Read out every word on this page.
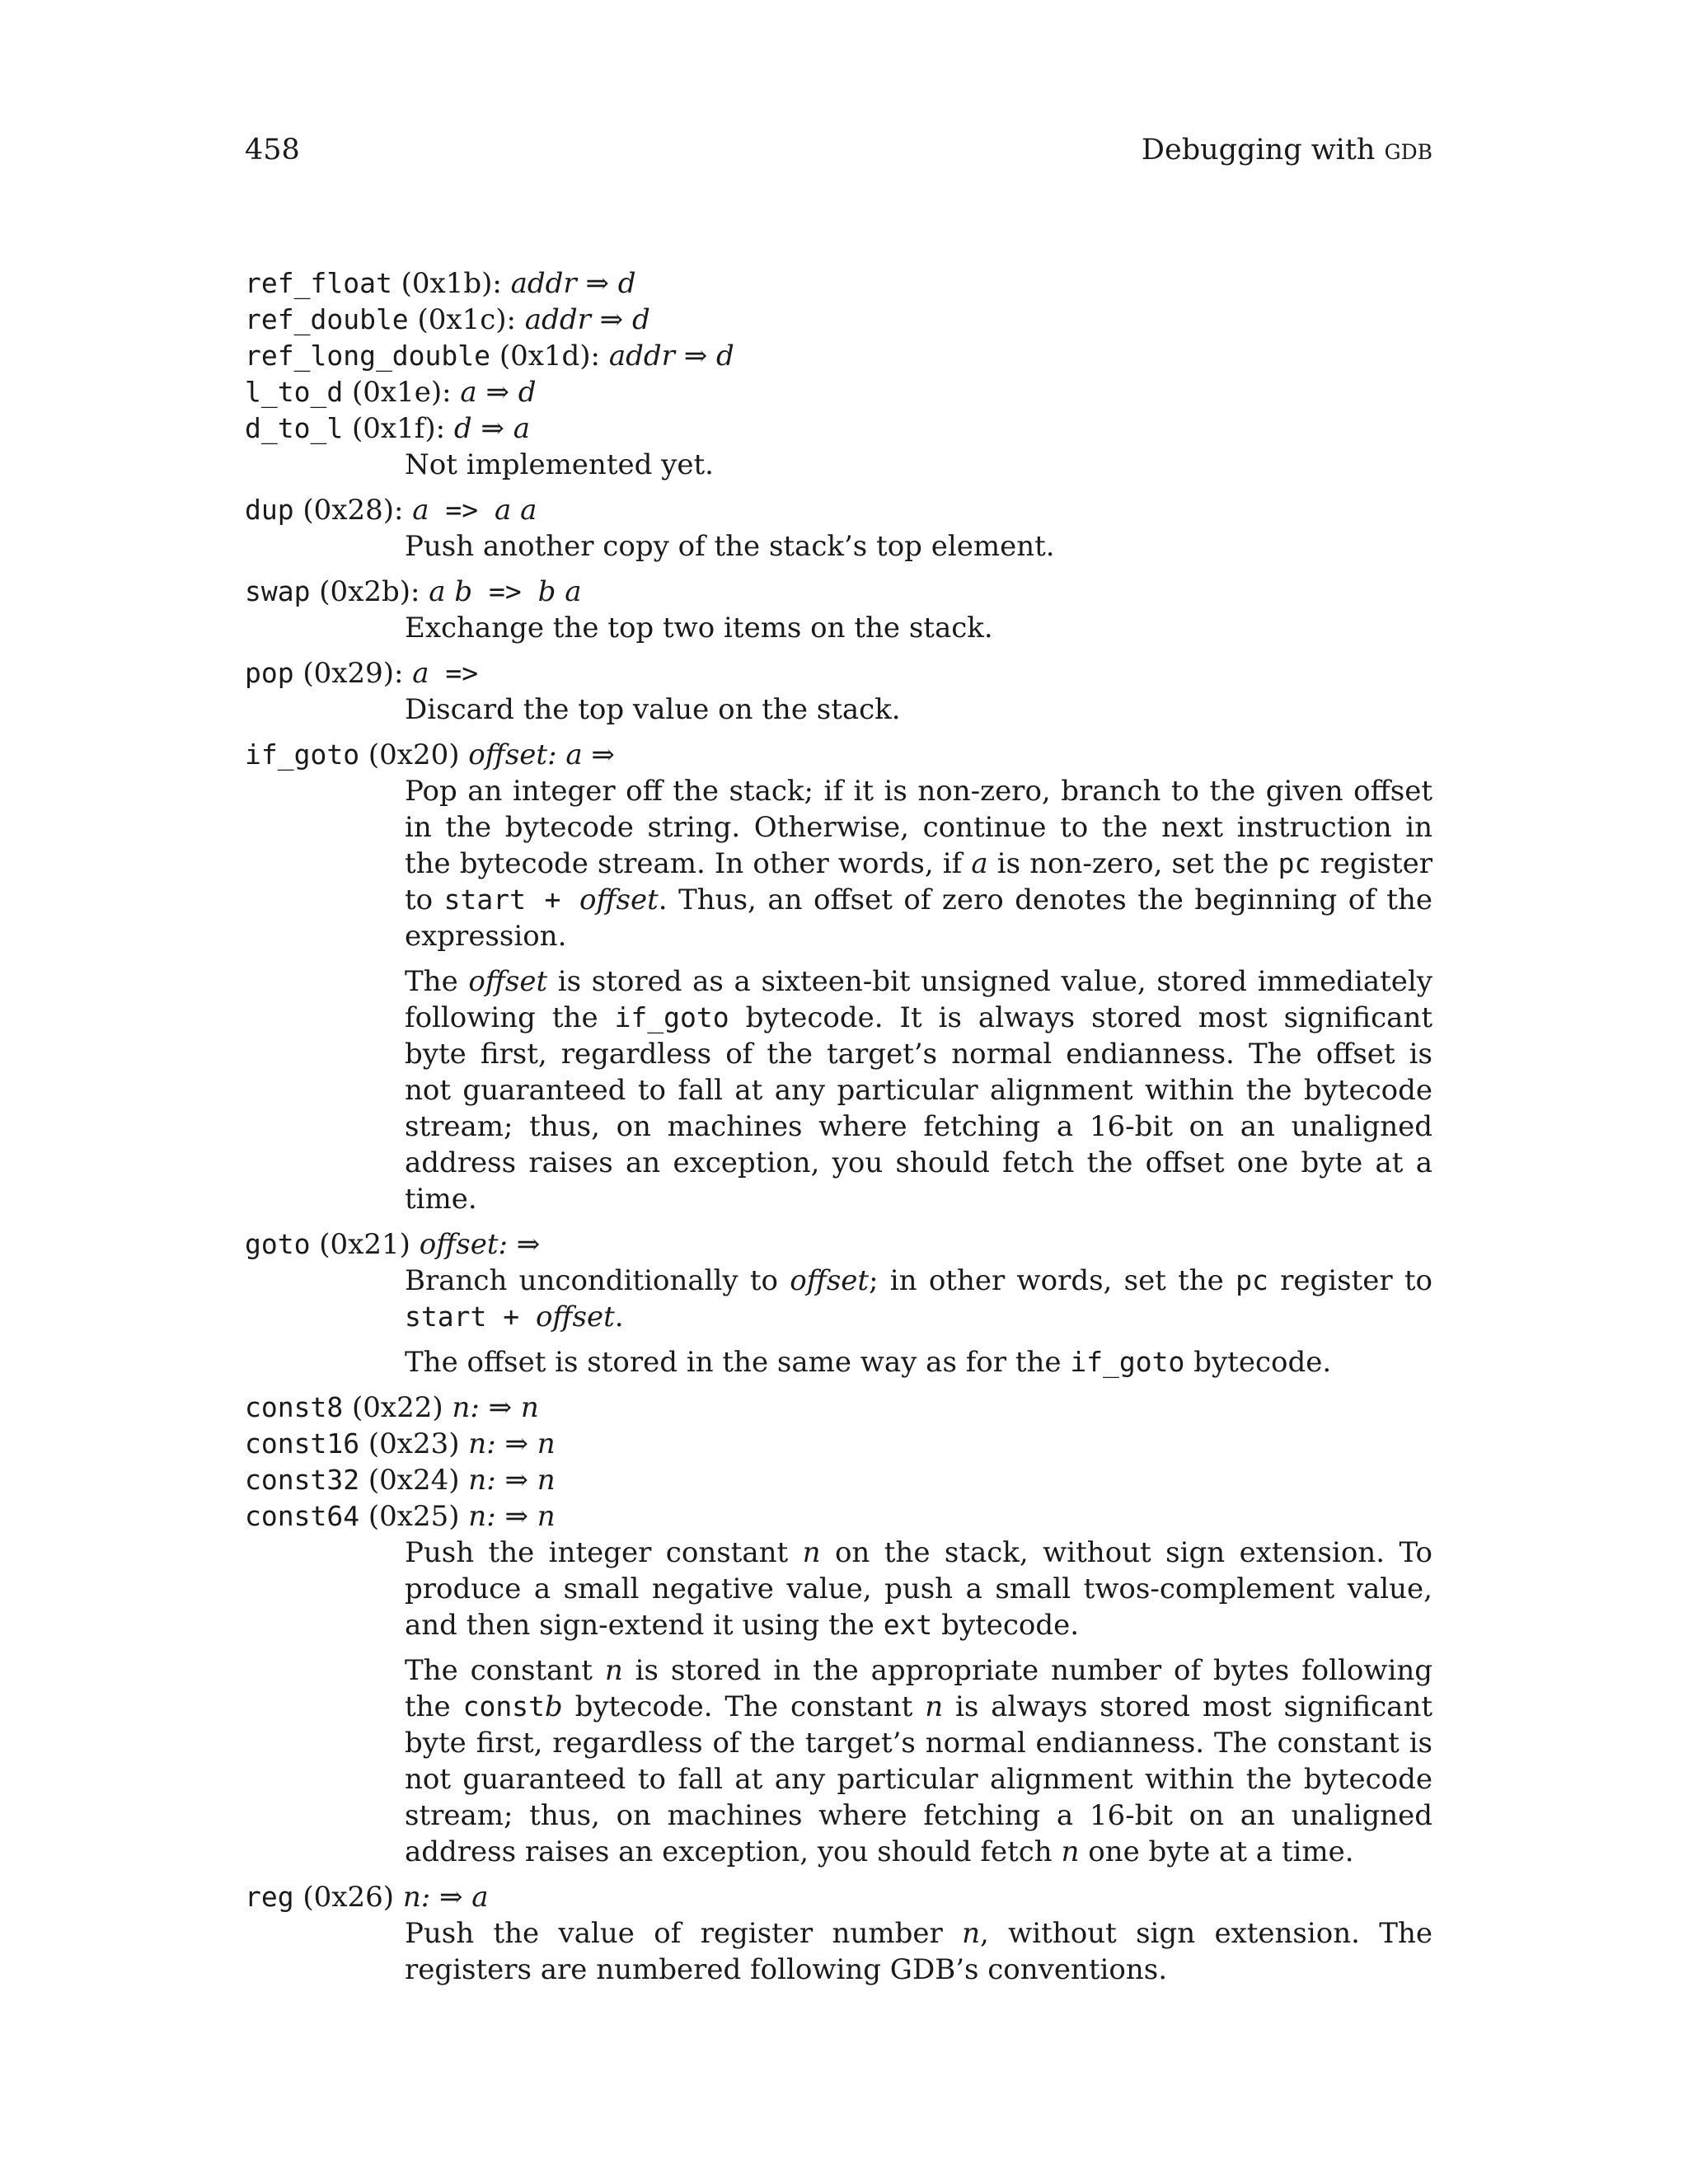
458	Debugging with gdb
ref_float (0x1b): addr ⇒ d
ref_double (0x1c): addr ⇒ d
ref_long_double (0x1d): addr ⇒ d
l_to_d (0x1e): a ⇒ d
d_to_l (0x1f): d ⇒ a
Not implemented yet.
dup (0x28): a => a a
Push another copy of the stack’s top element.
swap (0x2b): a b => b a
Exchange the top two items on the stack.
pop (0x29): a =>
Discard the top value on the stack.
if_goto (0x20) offset: a ⇒

Pop an integer off the stack; if it is non-zero, branch to the given offset in the bytecode string. Otherwise, continue to the next instruction in the bytecode stream. In other words, if a is non-zero, set the pc register to start + offset. Thus, an offset of zero denotes the beginning of the expression.

The offset is stored as a sixteen-bit unsigned value, stored immediately following the if_goto bytecode. It is always stored most significant byte first, regardless of the target’s normal endianness. The offset is not guaranteed to fall at any particular alignment within the bytecode stream; thus, on machines where fetching a 16-bit on an unaligned address raises an exception, you should fetch the offset one byte at a time.

goto (0x21) offset: ⇒

Branch unconditionally to offset; in other words, set the pc register to start + offset.

The offset is stored in the same way as for the if_goto bytecode.

const8 (0x22) n: ⇒ n
const16 (0x23) n: ⇒ n
const32 (0x24) n: ⇒ n
const64 (0x25) n: ⇒ n

Push the integer constant n on the stack, without sign extension. To produce a small negative value, push a small twos-complement value, and then sign-extend it using the ext bytecode.

The constant n is stored in the appropriate number of bytes following the constb bytecode. The constant n is always stored most significant byte first, regardless of the target’s normal endianness. The constant is not guaranteed to fall at any particular alignment within the bytecode stream; thus, on machines where fetching a 16-bit on an unaligned address raises an exception, you should fetch n one byte at a time.

reg (0x26) n: ⇒ a

Push the value of register number n, without sign extension. The registers are numbered following GDB’s conventions.
